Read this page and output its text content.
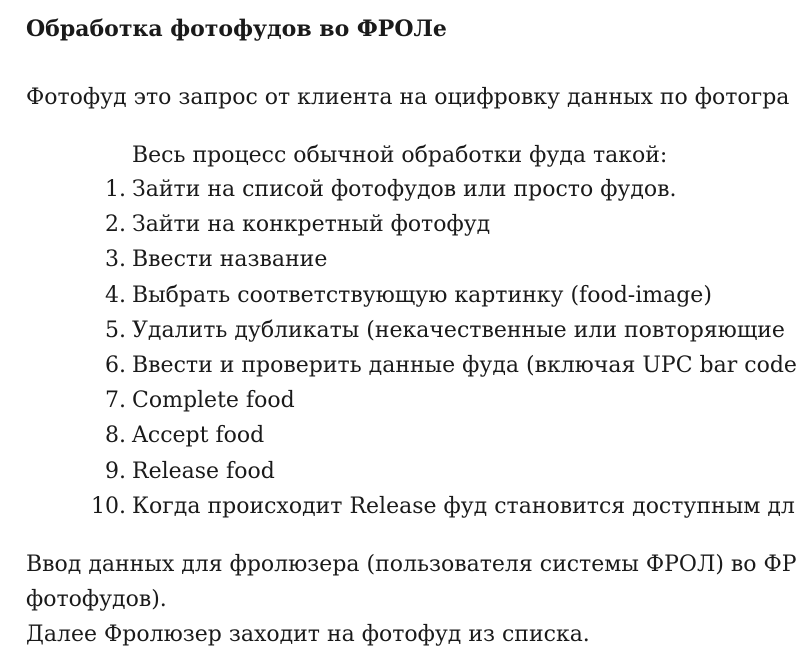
Обработка фотофудов во ФРОЛе
Фотофуд это запрос от клиента на оцифровку данных по фотогра
Весь процесс обычной обработки фуда такой:
1. Зайти на списой фотофудов или просто фудов.
2. Зайти на конкретный фотофуд
3. Ввести название
4. Выбрать соответствующую картинку (food-image)
5. Удалить дубликаты (некачественные или повторяющие
6. Ввести и проверить данные фуда (включая UPC bar code
7. Complete food
8. Accept food
9. Release food
10. Когда происходит Release фуд становится доступным дл
Ввод данных для фролюзера (пользователя системы ФРОЛ) во ФР
фотофудов).
Далее Фролюзер заходит на фотофуд из списка.
